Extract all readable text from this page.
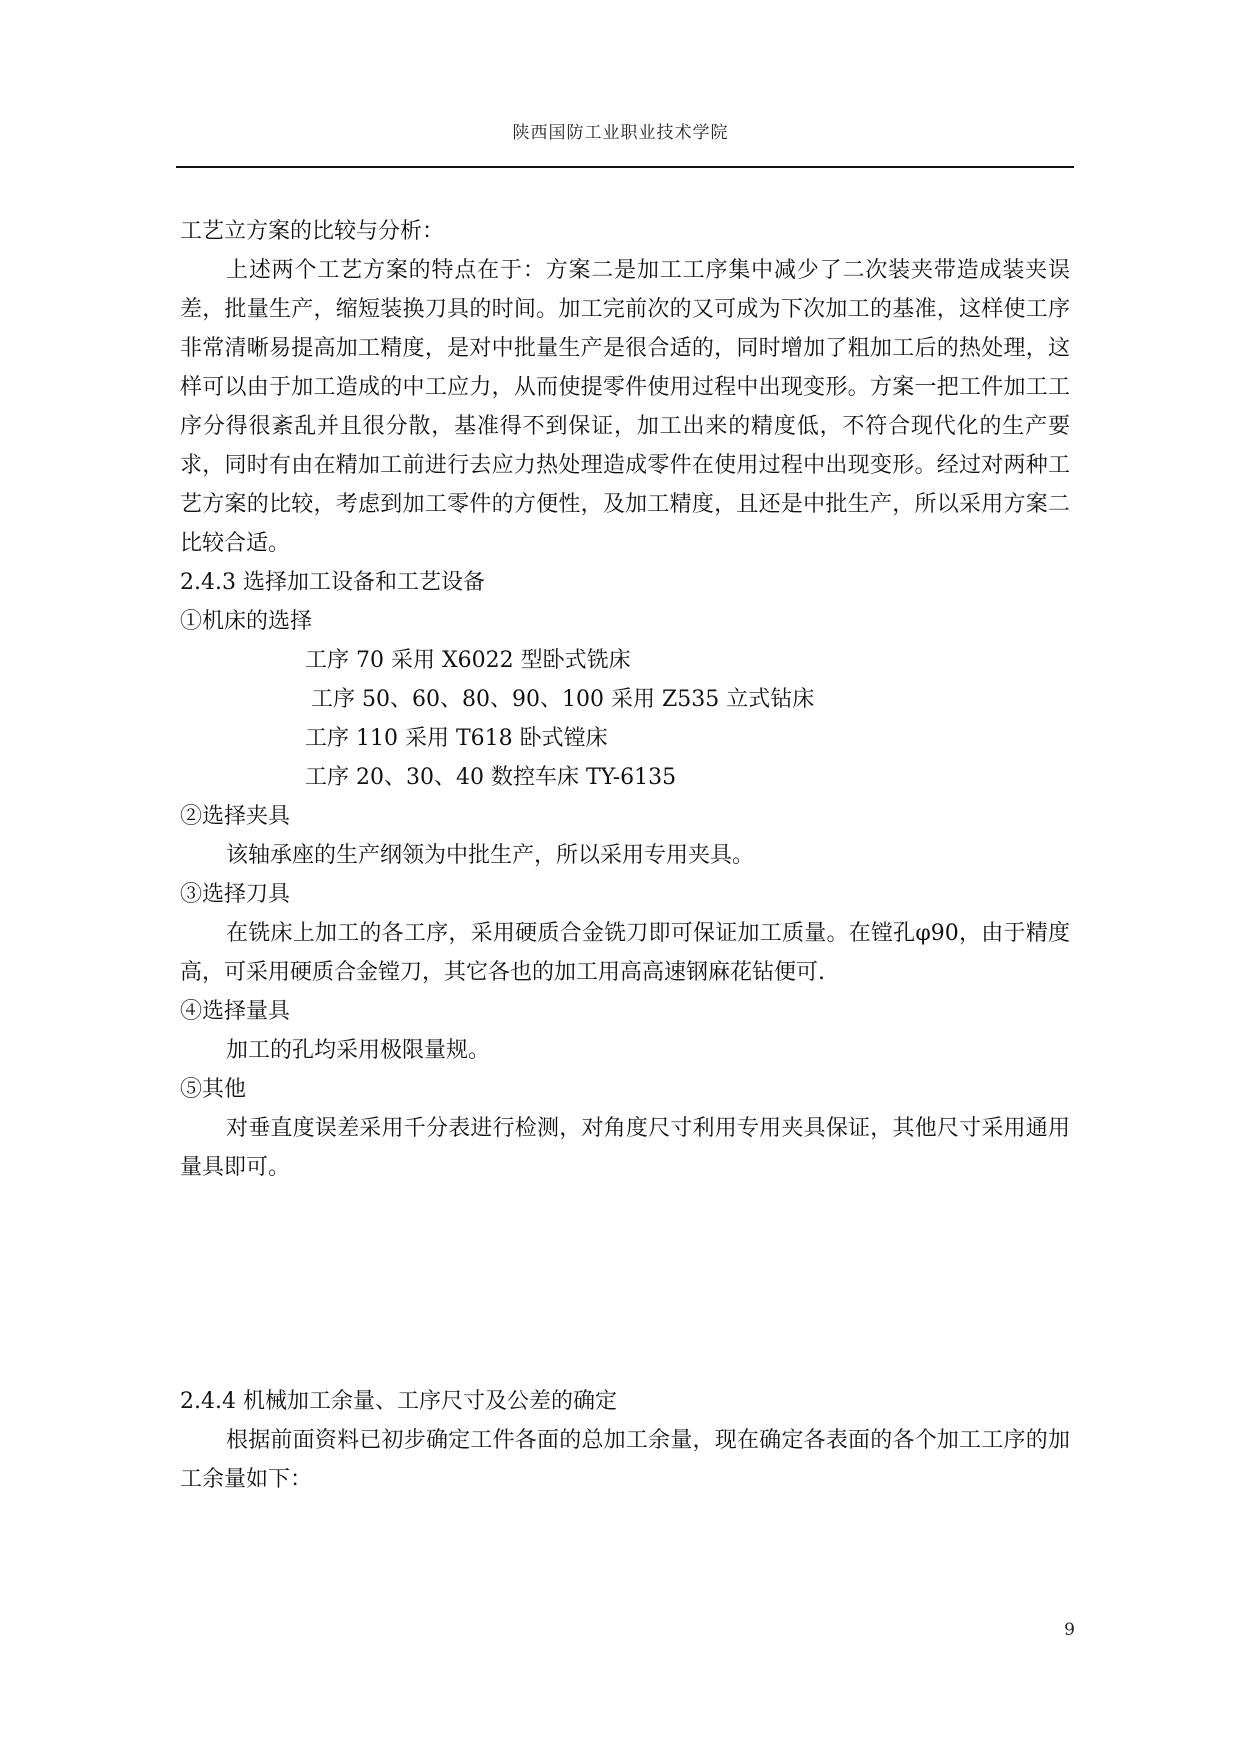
陕西国防工业职业技术学院

工艺立方案的比较与分析：

上述两个工艺方案的特点在于：方案二是加工工序集中减少了二次装夹带造成装夹误差，批量生产，缩短装换刀具的时间。加工完前次的又可成为下次加工的基准，这样使工序非常清晰易提高加工精度，是对中批量生产是很合适的，同时增加了粗加工后的热处理，这样可以由于加工造成的中工应力，从而使提零件使用过程中出现变形。方案一把工件加工工序分得很紊乱并且很分散，基准得不到保证，加工出来的精度低，不符合现代化的生产要求，同时有由在精加工前进行去应力热处理造成零件在使用过程中出现变形。经过对两种工艺方案的比较，考虑到加工零件的方便性，及加工精度，且还是中批生产，所以采用方案二比较合适。

2.4.3 选择加工设备和工艺设备

①机床的选择

工序 70 采用 X6022 型卧式铣床

工序 50、60、80、90、100 采用 Z535 立式钻床

工序 110 采用 T618 卧式镗床

工序 20、30、40 数控车床 TY-6135

②选择夹具

该轴承座的生产纲领为中批生产，所以采用专用夹具。

③选择刀具

在铣床上加工的各工序，采用硬质合金铣刀即可保证加工质量。在镗孔φ90，由于精度高，可采用硬质合金镗刀，其它各也的加工用高高速钢麻花钻便可.

④选择量具

加工的孔均采用极限量规。

⑤其他

对垂直度误差采用千分表进行检测，对角度尺寸利用专用夹具保证，其他尺寸采用通用量具即可。

2.4.4 机械加工余量、工序尺寸及公差的确定

根据前面资料已初步确定工件各面的总加工余量，现在确定各表面的各个加工工序的加工余量如下：

9
